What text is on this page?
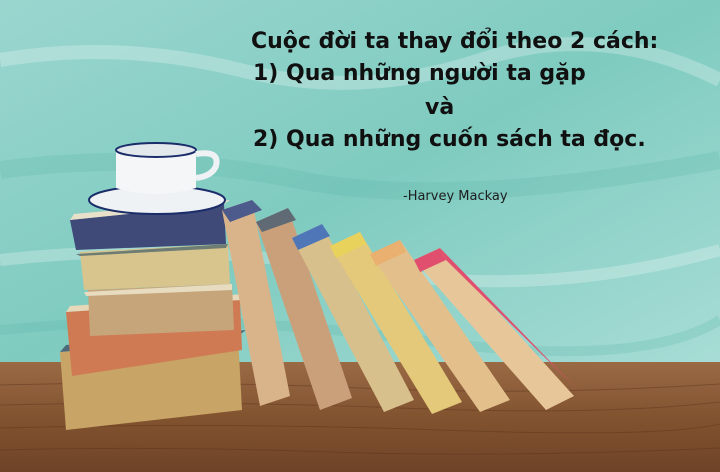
Cuộc đời ta thay đổi theo 2 cách:
1) Qua những người ta gặp
và
2) Qua những cuốn sách ta đọc.
-Harvey Mackay
